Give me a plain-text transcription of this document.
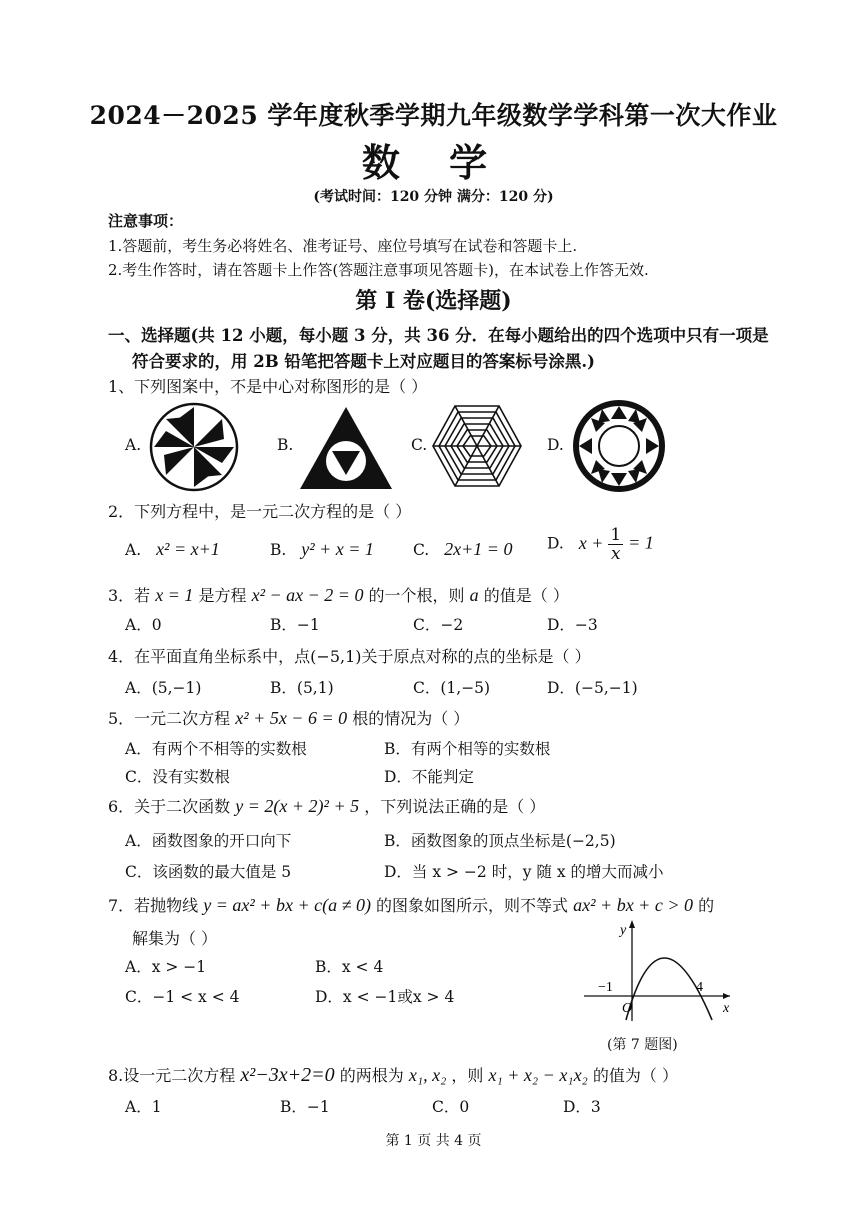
2024－2025 学年度秋季学期九年级数学学科第一次大作业
数 学
(考试时间：120 分钟 满分：120 分)
注意事项：
1.答题前，考生务必将姓名、准考证号、座位号填写在试卷和答题卡上.
2.考生作答时，请在答题卡上作答(答题注意事项见答题卡)，在本试卷上作答无效.
第 I 卷(选择题)
一、选择题(共 12 小题，每小题 3 分，共 36 分．在每小题给出的四个选项中只有一项是
符合要求的，用 2B 铅笔把答题卡上对应题目的答案标号涂黑.)
1、下列图案中，不是中心对称图形的是（ ）
A.	B.	C.	D.
2．下列方程中，是一元二次方程的是（ ）
A. x² = x+1	B. y² + x = 1	C. 2x+1 = 0 D. $x + \frac{1}{x} = 1$
3．若 x = 1 是方程 x² − ax − 2 = 0 的一个根，则 a 的值是（ ）
A．0	B．−1	C．−2	D．−3
4．在平面直角坐标系中，点(−5,1)关于原点对称的点的坐标是（ ）
A．(5,−1)	B．(5,1)	C．(1,−5)	D．(−5,−1)
5．一元二次方程 x² + 5x − 6 = 0 根的情况为（ ）
A．有两个不相等的实数根	B．有两个相等的实数根
C．没有实数根	D．不能判定
6．关于二次函数 y = 2(x + 2)² + 5 ，下列说法正确的是（ ）
A．函数图象的开口向下	B．函数图象的顶点坐标是(−2,5)
C．该函数的最大值是 5	D．当 x > −2 时，y 随 x 的增大而减小
7．若抛物线 y = ax² + bx + c(a ≠ 0) 的图象如图所示，则不等式 ax² + bx + c > 0 的
解集为（ ）
A．x > −1	B．x < 4
C．−1 < x < 4	D．x < −1或x > 4
y
x
O
−1	4
(第 7 题图)
8.设一元二次方程 x²−3x+2=0 的两根为 x₁, x₂ ，则 x₁ + x₂ − x₁x₂ 的值为（ ）
A．1	B．−1	C．0	D．3
第 1 页 共 4 页
